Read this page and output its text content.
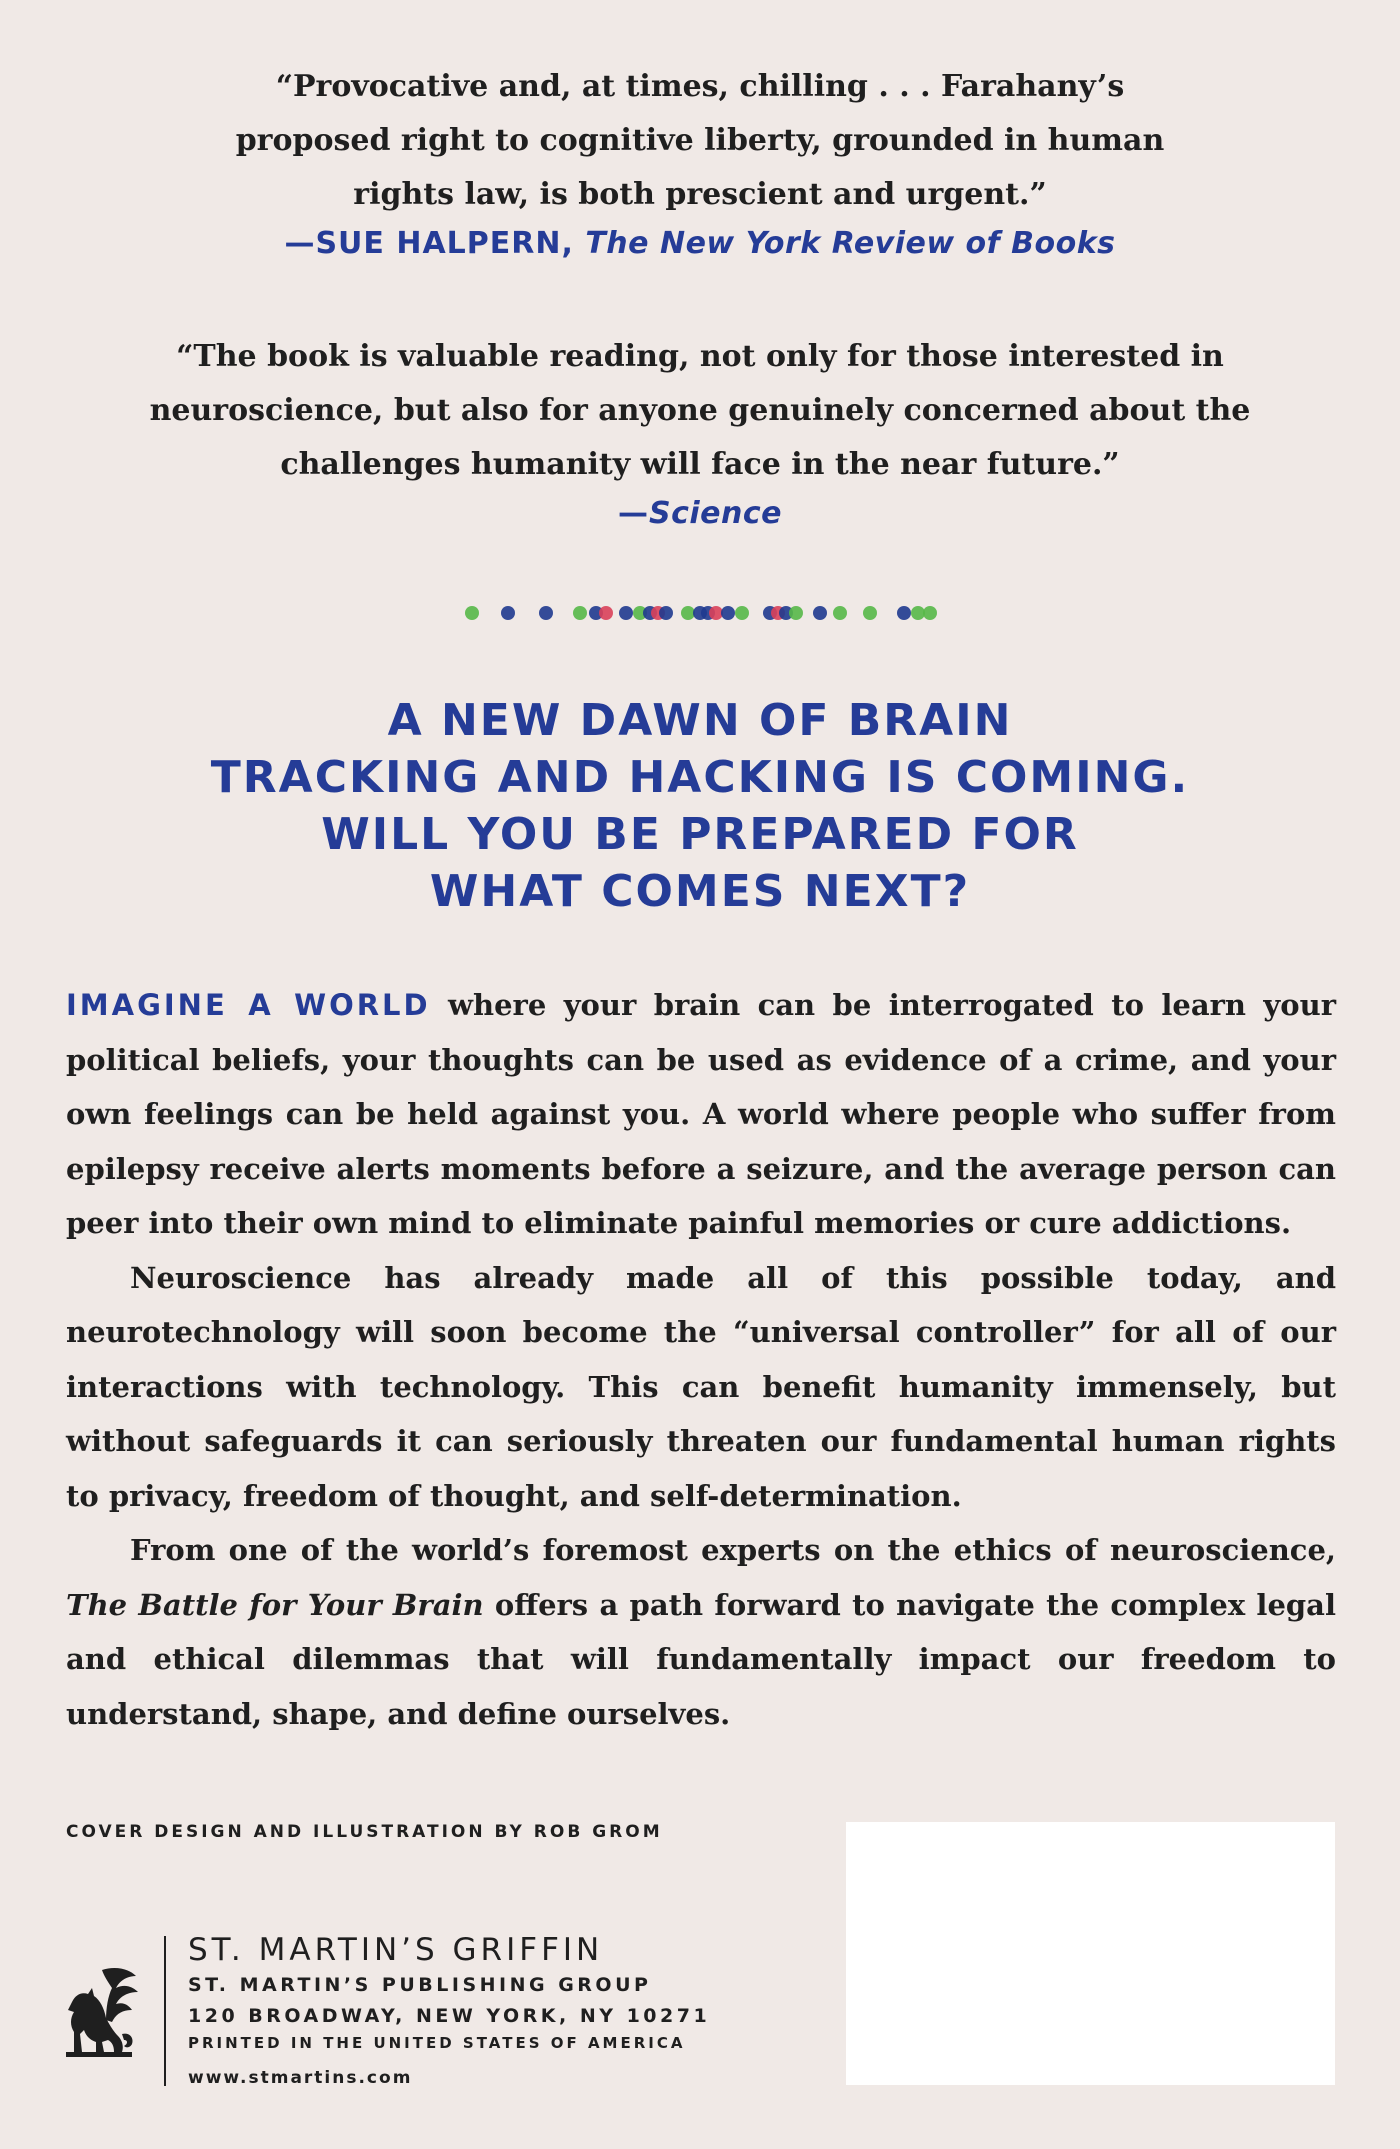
“Provocative and, at times, chilling . . . Farahany’s
proposed right to cognitive liberty, grounded in human
rights law, is both prescient and urgent.”
—SUE HALPERN, The New York Review of Books
“The book is valuable reading, not only for those interested in
neuroscience, but also for anyone genuinely concerned about the
challenges humanity will face in the near future.”
—Science
A NEW DAWN OF BRAIN
TRACKING AND HACKING IS COMING.
WILL YOU BE PREPARED FOR
WHAT COMES NEXT?

IMAGINE A WORLD where your brain can be interrogated to learn your political beliefs, your thoughts can be used as evidence of a crime, and your own feelings can be held against you. A world where people who suffer from epilepsy receive alerts moments before a seizure, and the average person can peer into their own mind to eliminate painful memories or cure addictions.

Neuroscience has already made all of this possible today, and neurotechnology will soon become the “universal controller” for all of our interactions with technology. This can benefit humanity immensely, but without safeguards it can seriously threaten our fundamental human rights to privacy, freedom of thought, and self-determination.

From one of the world’s foremost experts on the ethics of neuroscience, The Battle for Your Brain offers a path forward to navigate the complex legal and ethical dilemmas that will fundamentally impact our freedom to understand, shape, and define ourselves.

COVER DESIGN AND ILLUSTRATION BY ROB GROM
ST. MARTIN’S GRIFFIN
ST. MARTIN’S PUBLISHING GROUP
120 BROADWAY, NEW YORK, NY 10271
PRINTED IN THE UNITED STATES OF AMERICA
www.stmartins.com
